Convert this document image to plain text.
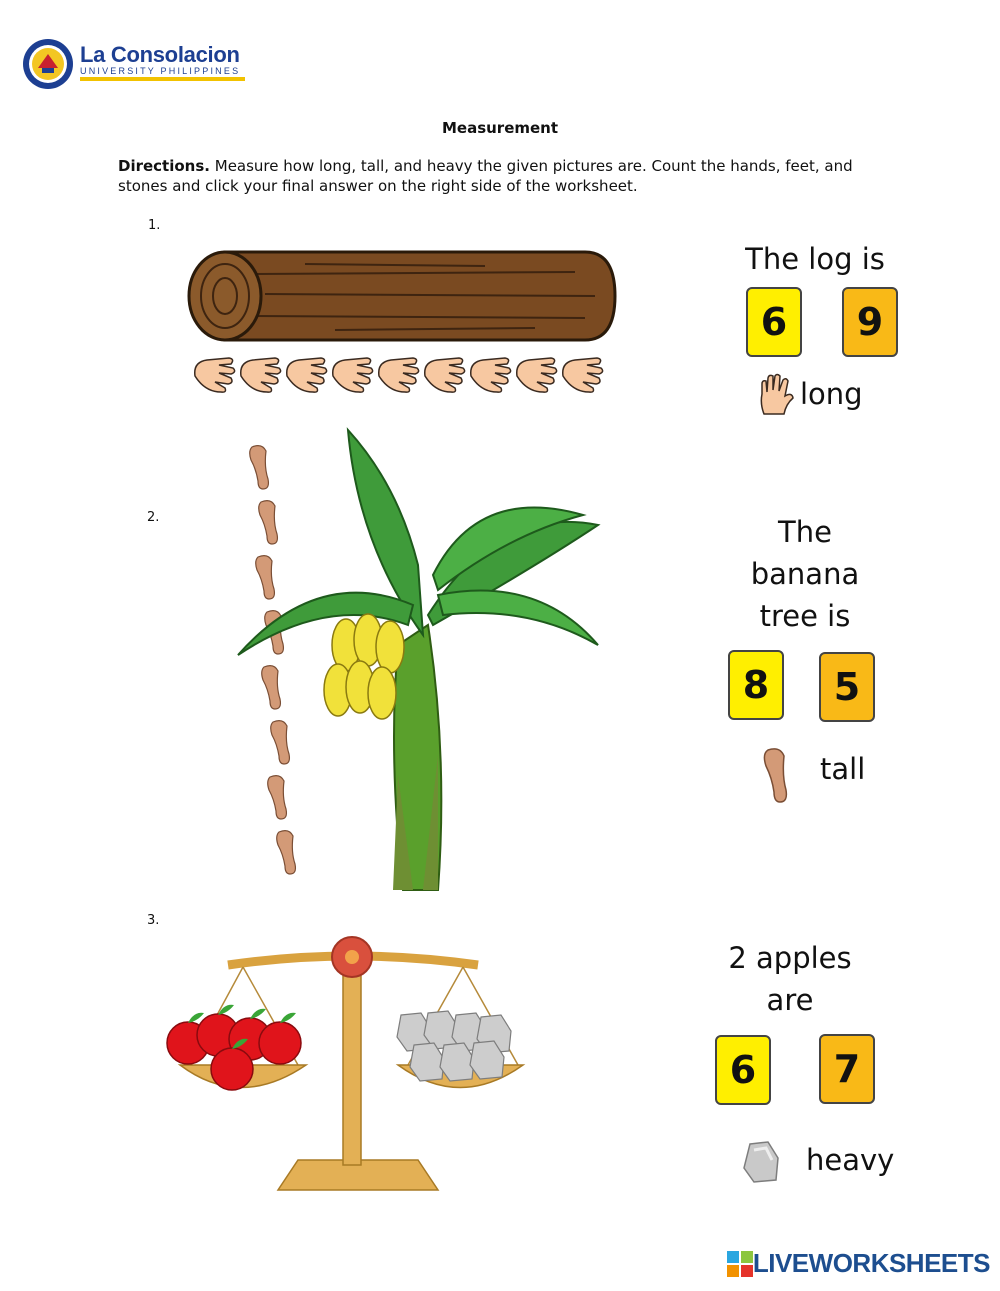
La Consolacion
UNIVERSITY PHILIPPINES
Measurement
Directions. Measure how long, tall, and heavy the given pictures are. Count the hands, feet, and stones and click your final answer on the right side of the worksheet.
1.
The log is
6	9
long
2.	The
banana
tree is
8	5
tall
3.
2 apples
are
6	7
heavy
LIVEWORKSHEETS
